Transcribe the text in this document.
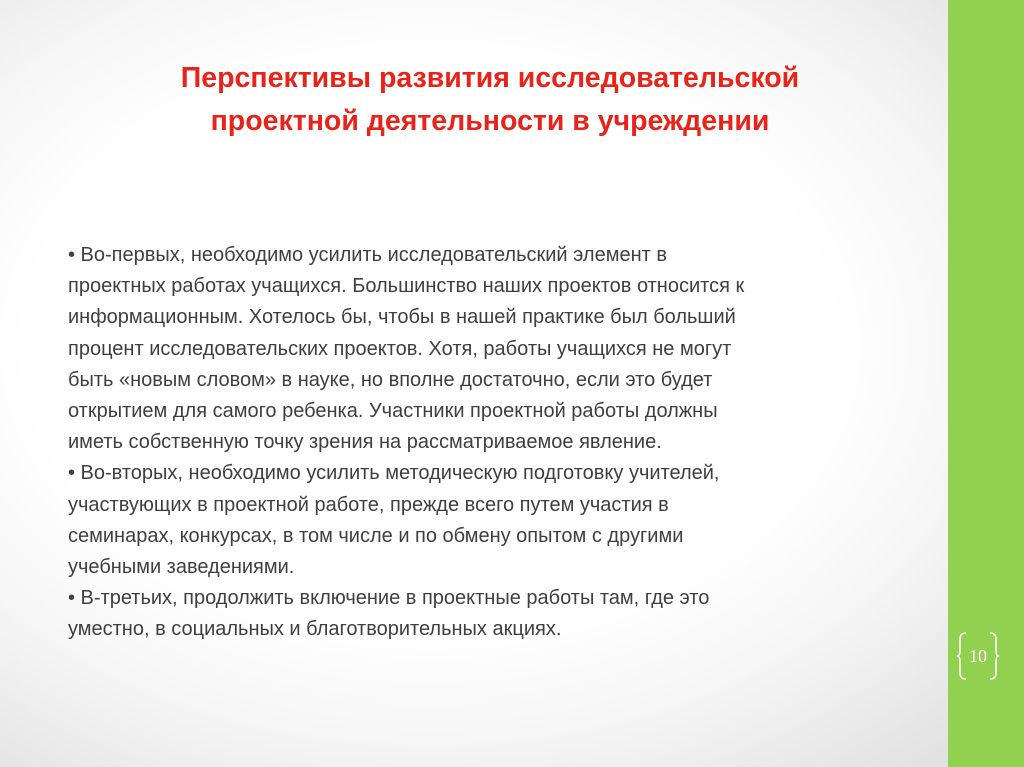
Перспективы развития исследовательской
проектной деятельности в учреждении

• Во-первых, необходимо усилить исследовательский элемент в
проектных работах учащихся. Большинство наших проектов относится к
информационным. Хотелось бы, чтобы в нашей практике был больший
процент исследовательских проектов. Хотя, работы учащихся не могут
быть «новым словом» в науке, но вполне достаточно, если это будет
открытием для самого ребенка. Участники проектной работы должны
иметь собственную точку зрения на рассматриваемое явление.

• Во-вторых, необходимо усилить методическую подготовку учителей,
участвующих в проектной работе, прежде всего путем участия в
семинарах, конкурсах, в том числе и по обмену опытом с другими
учебными заведениями.

• В-третьих, продолжить включение в проектные работы там, где это
уместно, в социальных и благотворительных акциях.

10
